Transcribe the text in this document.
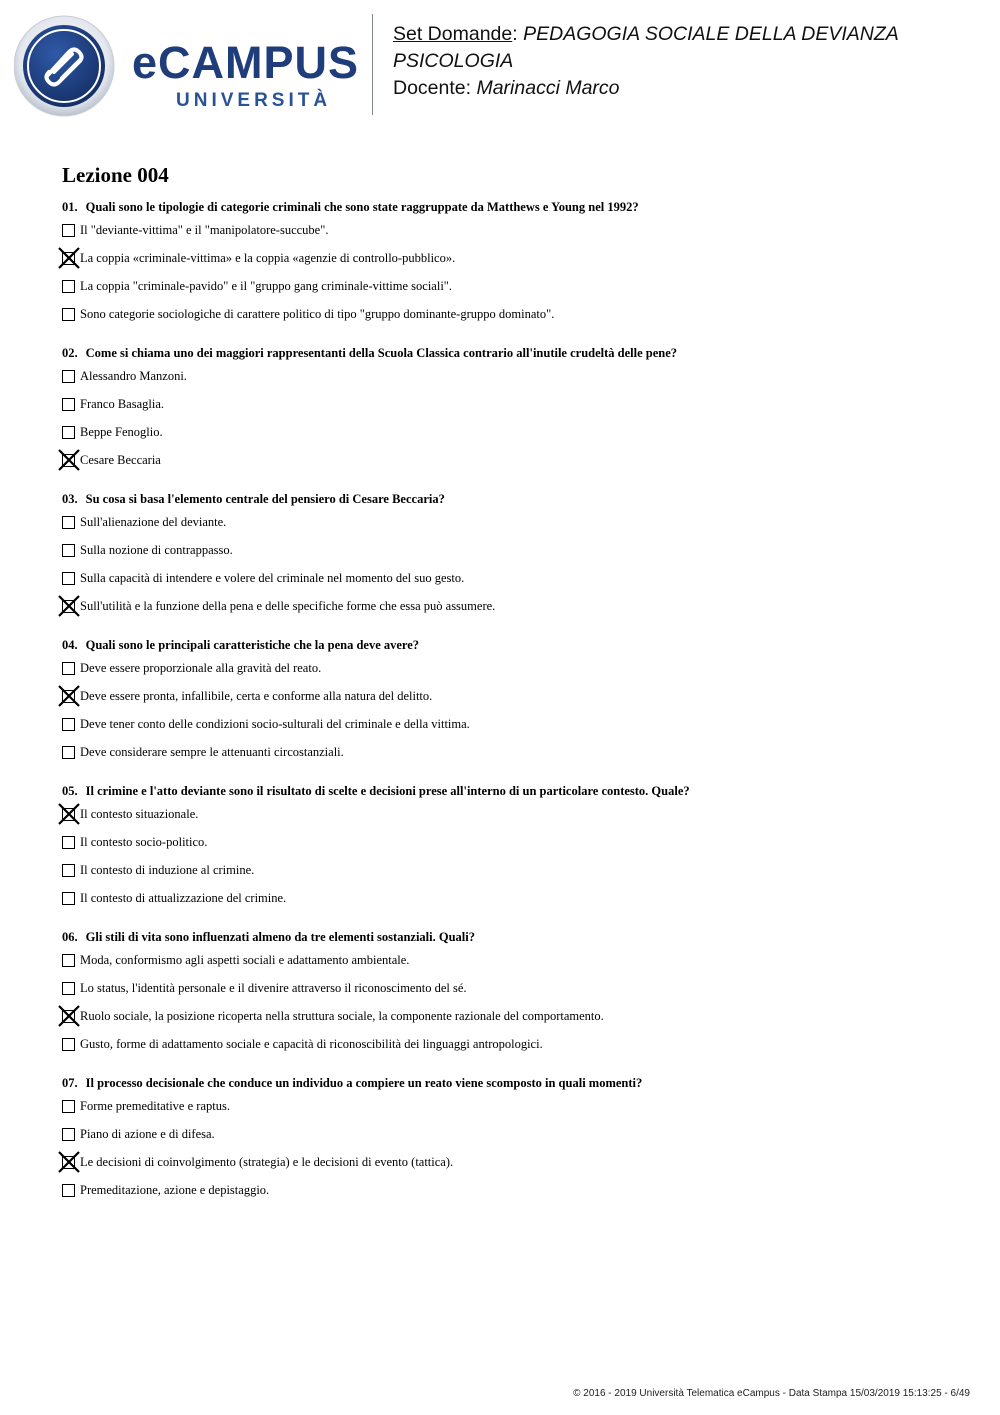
eCAMPUS
UNIVERSITÀ
Set Domande: PEDAGOGIA SOCIALE DELLA DEVIANZA PSICOLOGIA
Docente: Marinacci Marco
Lezione 004
01. Quali sono le tipologie di categorie criminali che sono state raggruppate da Matthews e Young nel 1992?
Il "deviante-vittima" e il "manipolatore-succube".
La coppia «criminale-vittima» e la coppia «agenzie di controllo-pubblico».
La coppia "criminale-pavido" e il "gruppo gang criminale-vittime sociali".
Sono categorie sociologiche di carattere politico di tipo "gruppo dominante-gruppo dominato".
02. Come si chiama uno dei maggiori rappresentanti della Scuola Classica contrario all'inutile crudeltà delle pene?
Alessandro Manzoni.
Franco Basaglia.
Beppe Fenoglio.
Cesare Beccaria
03. Su cosa si basa l'elemento centrale del pensiero di Cesare Beccaria?
Sull'alienazione del deviante.
Sulla nozione di contrappasso.
Sulla capacità di intendere e volere del criminale nel momento del suo gesto.
Sull'utilità e la funzione della pena e delle specifiche forme che essa può assumere.
04. Quali sono le principali caratteristiche che la pena deve avere?
Deve essere proporzionale alla gravità del reato.
Deve essere pronta, infallibile, certa e conforme alla natura del delitto.
Deve tener conto delle condizioni socio-sulturali del criminale e della vittima.
Deve considerare sempre le attenuanti circostanziali.
05. Il crimine e l'atto deviante sono il risultato di scelte e decisioni prese all'interno di un particolare contesto. Quale?
Il contesto situazionale.
Il contesto socio-politico.
Il contesto di induzione al crimine.
Il contesto di attualizzazione del crimine.
06. Gli stili di vita sono influenzati almeno da tre elementi sostanziali. Quali?
Moda, conformismo agli aspetti sociali e adattamento ambientale.
Lo status, l'identità personale e il divenire attraverso il riconoscimento del sé.
Ruolo sociale, la posizione ricoperta nella struttura sociale, la componente razionale del comportamento.
Gusto, forme di adattamento sociale e capacità di riconoscibilità dei linguaggi antropologici.
07. Il processo decisionale che conduce un individuo a compiere un reato viene scomposto in quali momenti?
Forme premeditative e raptus.
Piano di azione e di difesa.
Le decisioni di coinvolgimento (strategia) e le decisioni di evento (tattica).
Premeditazione, azione e depistaggio.
© 2016 - 2019 Università Telematica eCampus - Data Stampa 15/03/2019 15:13:25 - 6/49
